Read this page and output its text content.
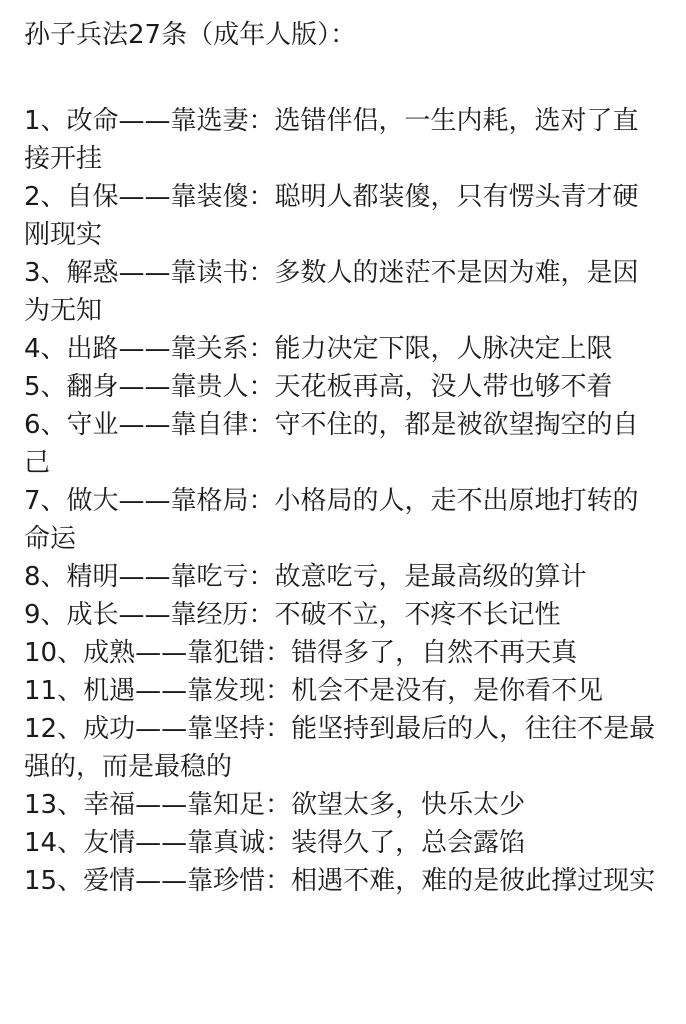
孙子兵法27条（成年人版）：

1、改命——靠选妻：选错伴侣，一生内耗，选对了直接开挂

2、自保——靠装傻：聪明人都装傻，只有愣头青才硬刚现实

3、解惑——靠读书：多数人的迷茫不是因为难，是因为无知

4、出路——靠关系：能力决定下限，人脉决定上限

5、翻身——靠贵人：天花板再高，没人带也够不着

6、守业——靠自律：守不住的，都是被欲望掏空的自己

7、做大——靠格局：小格局的人，走不出原地打转的命运

8、精明——靠吃亏：故意吃亏，是最高级的算计

9、成长——靠经历：不破不立，不疼不长记性

10、成熟——靠犯错：错得多了，自然不再天真

11、机遇——靠发现：机会不是没有，是你看不见

12、成功——靠坚持：能坚持到最后的人，往往不是最强的，而是最稳的

13、幸福——靠知足：欲望太多，快乐太少

14、友情——靠真诚：装得久了，总会露馅

15、爱情——靠珍惜：相遇不难，难的是彼此撑过现实
